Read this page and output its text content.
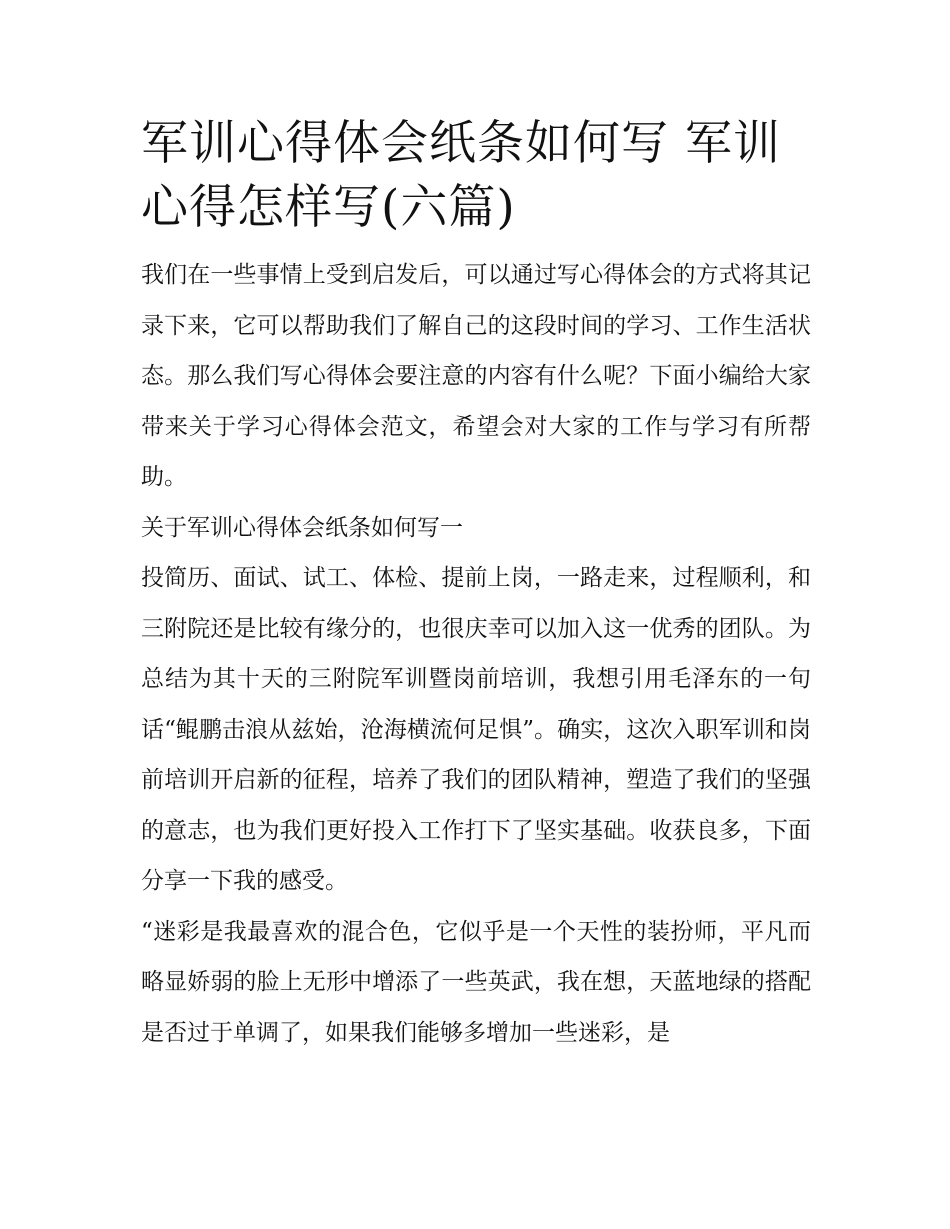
军训心得体会纸条如何写 军训心得怎样写(六篇)

我们在一些事情上受到启发后，可以通过写心得体会的方式将其记录下来，它可以帮助我们了解自己的这段时间的学习、工作生活状态。那么我们写心得体会要注意的内容有什么呢？下面小编给大家带来关于学习心得体会范文，希望会对大家的工作与学习有所帮助。

关于军训心得体会纸条如何写一

投简历、面试、试工、体检、提前上岗，一路走来，过程顺利，和三附院还是比较有缘分的，也很庆幸可以加入这一优秀的团队。为总结为其十天的三附院军训暨岗前培训，我想引用毛泽东的一句话“鲲鹏击浪从兹始，沧海横流何足惧”。确实，这次入职军训和岗前培训开启新的征程，培养了我们的团队精神，塑造了我们的坚强的意志，也为我们更好投入工作打下了坚实基础。收获良多，下面分享一下我的感受。

“迷彩是我最喜欢的混合色，它似乎是一个天性的装扮师，平凡而略显娇弱的脸上无形中增添了一些英武，我在想，天蓝地绿的搭配是否过于单调了，如果我们能够多增加一些迷彩，是
